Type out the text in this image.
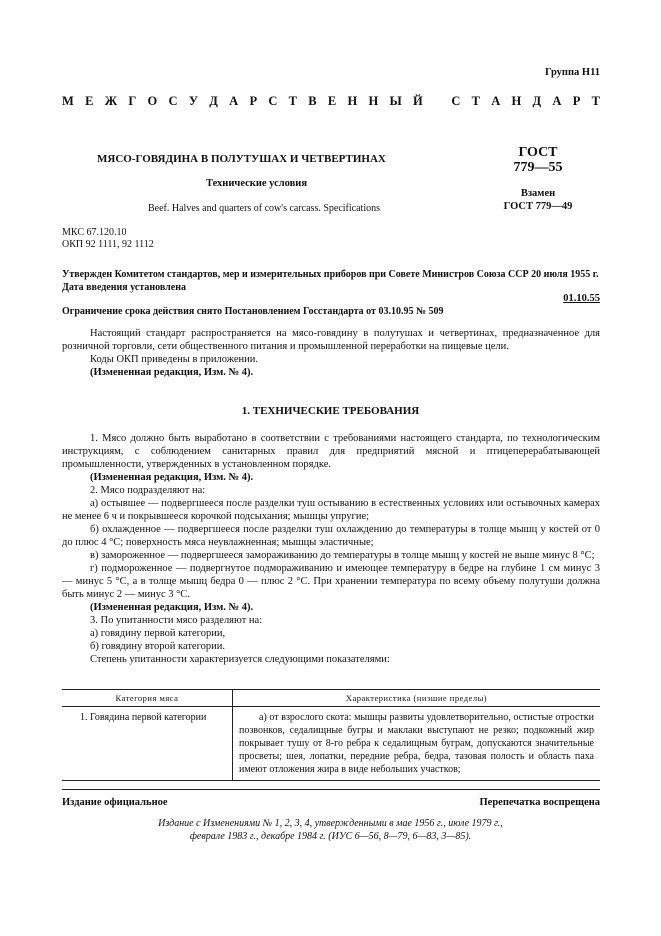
Группа Н11
М Е Ж Г О С У Д А Р С Т В Е Н Н Ы Й С Т А Н Д А Р Т
МЯСО-ГОВЯДИНА В ПОЛУТУШАХ И ЧЕТВЕРТИНАХ
Технические условия
Beef. Halves and quarters of cow's carcass. Specifications
ГОСТ
779—55
Взамен
ГОСТ 779—49
МКС 67.120.10
ОКП 92 1111, 92 1112
Утвержден Комитетом стандартов, мер и измерительных приборов при Совете Министров Союза ССР 20 июля 1955 г. Дата введения установлена
01.10.55
Ограничение срока действия снято Постановлением Госстандарта от 03.10.95 № 509

Настоящий стандарт распространяется на мясо-говядину в полутушах и четвертинах, предназначенное для розничной торговли, сети общественного питания и промышленной переработки на пищевые цели.

Коды ОКП приведены в приложении.

(Измененная редакция, Изм. № 4).

1. ТЕХНИЧЕСКИЕ ТРЕБОВАНИЯ

1. Мясо должно быть выработано в соответствии с требованиями настоящего стандарта, по технологическим инструкциям, с соблюдением санитарных правил для предприятий мясной и птицеперерабатывающей промышленности, утвержденных в установленном порядке.

(Измененная редакция, Изм. № 4).

2. Мясо подразделяют на:

а) остывшее — подвергшееся после разделки туш остыванию в естественных условиях или остывочных камерах не менее 6 ч и покрывшееся корочкой подсыхания; мышцы упругие;

б) охлажденное — подвергшееся после разделки туш охлаждению до температуры в толще мышц у костей от 0 до плюс 4 °С; поверхность мяса неувлажненная; мышцы эластичные;

в) замороженное — подвергшееся замораживанию до температуры в толще мышц у костей не выше минус 8 °С;

г) подмороженное — подвергнутое подмораживанию и имеющее температуру в бедре на глубине 1 см минус 3 — минус 5 °С, а в толще мышц бедра 0 — плюс 2 °С. При хранении температура по всему объему полутуши должна быть минус 2 — минус 3 °С.

(Измененная редакция, Изм. № 4).

3. По упитанности мясо разделяют на:

а) говядину первой категории,

б) говядину второй категории.

Степень упитанности характеризуется следующими показателями:

Категория мяса	Характеристика (низшие пределы)
1. Говядина первой категории	а) от взрослого скота: мышцы развиты удовлетворительно, остистые отростки позвонков, седалищные бугры и маклаки выступают не резко; подкожный жир покрывает тушу от 8-го ребра к седалищным буграм, допускаются значительные просветы; шея, лопатки, передние ребра, бедра, тазовая полость и область паха имеют отложения жира в виде небольших участков;
Издание официальное	Перепечатка воспрещена
Издание с Изменениями № 1, 2, 3, 4, утвержденными в мае 1956 г., июле 1979 г.,
феврале 1983 г., декабре 1984 г. (ИУС 6—56, 8—79, 6—83, 3—85).
